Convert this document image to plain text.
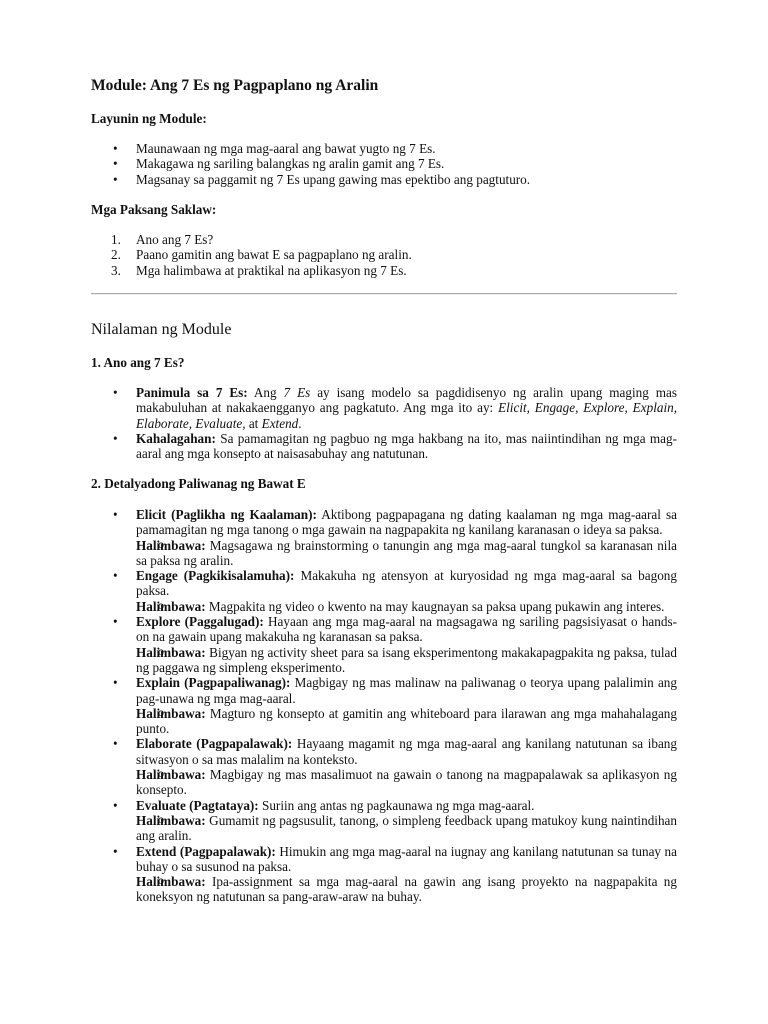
Module: Ang 7 Es ng Pagpaplano ng Aralin
Layunin ng Module:
• Maunawaan ng mga mag-aaral ang bawat yugto ng 7 Es.
• Makagawa ng sariling balangkas ng aralin gamit ang 7 Es.
• Magsanay sa paggamit ng 7 Es upang gawing mas epektibo ang pagtuturo.
Mga Paksang Saklaw:
1. Ano ang 7 Es?
2. Paano gamitin ang bawat E sa pagpaplano ng aralin.
3. Mga halimbawa at praktikal na aplikasyon ng 7 Es.
Nilalaman ng Module
1. Ano ang 7 Es?
• Panimula sa 7 Es: Ang 7 Es ay isang modelo sa pagdidisenyo ng aralin upang maging mas makabuluhan at nakakaengganyo ang pagkatuto. Ang mga ito ay: Elicit, Engage, Explore, Explain, Elaborate, Evaluate, at Extend.
• Kahalagahan: Sa pamamagitan ng pagbuo ng mga hakbang na ito, mas naiintindihan ng mga mag-aaral ang mga konsepto at naisasabuhay ang natutunan.
2. Detalyadong Paliwanag ng Bawat E
• Elicit (Paglikha ng Kaalaman): Aktibong pagpapagana ng dating kaalaman ng mga mag-aaral sa pamamagitan ng mga tanong o mga gawain na nagpapakita ng kanilang karanasan o ideya sa paksa.
o Halimbawa: Magsagawa ng brainstorming o tanungin ang mga mag-aaral tungkol sa karanasan nila sa paksa ng aralin.
• Engage (Pagkikisalamuha): Makakuha ng atensyon at kuryosidad ng mga mag-aaral sa bagong paksa.
o Halimbawa: Magpakita ng video o kwento na may kaugnayan sa paksa upang pukawin ang interes.
• Explore (Paggalugad): Hayaan ang mga mag-aaral na magsagawa ng sariling pagsisiyasat o hands-on na gawain upang makakuha ng karanasan sa paksa.
o Halimbawa: Bigyan ng activity sheet para sa isang eksperimentong makakapagpakita ng paksa, tulad ng paggawa ng simpleng eksperimento.
• Explain (Pagpapaliwanag): Magbigay ng mas malinaw na paliwanag o teorya upang palalimin ang pag-unawa ng mga mag-aaral.
o Halimbawa: Magturo ng konsepto at gamitin ang whiteboard para ilarawan ang mga mahahalagang punto.
• Elaborate (Pagpapalawak): Hayaang magamit ng mga mag-aaral ang kanilang natutunan sa ibang sitwasyon o sa mas malalim na konteksto.
o Halimbawa: Magbigay ng mas masalimuot na gawain o tanong na magpapalawak sa aplikasyon ng konsepto.
• Evaluate (Pagtataya): Suriin ang antas ng pagkaunawa ng mga mag-aaral.
o Halimbawa: Gumamit ng pagsusulit, tanong, o simpleng feedback upang matukoy kung naintindihan ang aralin.
• Extend (Pagpapalawak): Himukin ang mga mag-aaral na iugnay ang kanilang natutunan sa tunay na buhay o sa susunod na paksa.
o Halimbawa: Ipa-assignment sa mga mag-aaral na gawin ang isang proyekto na nagpapakita ng koneksyon ng natutunan sa pang-araw-araw na buhay.
